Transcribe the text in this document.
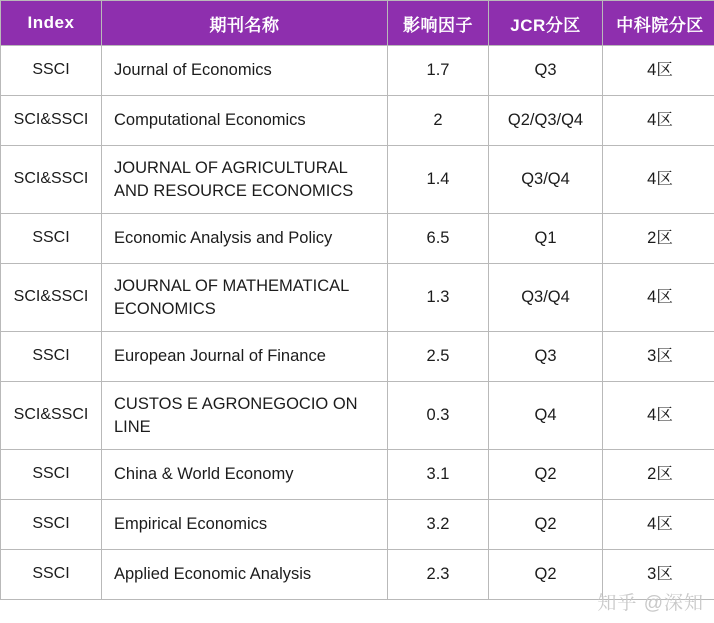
Index	期刊名称	影响因子	JCR分区	中科院分区

SSCI	Journal of Economics	1.7	Q3	4区

SCI&SSCI	Computational Economics	2	Q2/Q3/Q4	4区

SCI&SSCI	JOURNAL OF AGRICULTURAL AND RESOURCE ECONOMICS	1.4	Q3/Q4	4区

SSCI	Economic Analysis and Policy	6.5	Q1	2区

SCI&SSCI	JOURNAL OF MATHEMATICAL ECONOMICS	1.3	Q3/Q4	4区

SSCI	European Journal of Finance	2.5	Q3	3区

SCI&SSCI	CUSTOS E AGRONEGOCIO ON LINE	0.3	Q4	4区

SSCI	China & World Economy	3.1	Q2	2区

SSCI	Empirical Economics	3.2	Q2	4区

SSCI	Applied Economic Analysis	2.3	Q2	3区
知乎 @深知
